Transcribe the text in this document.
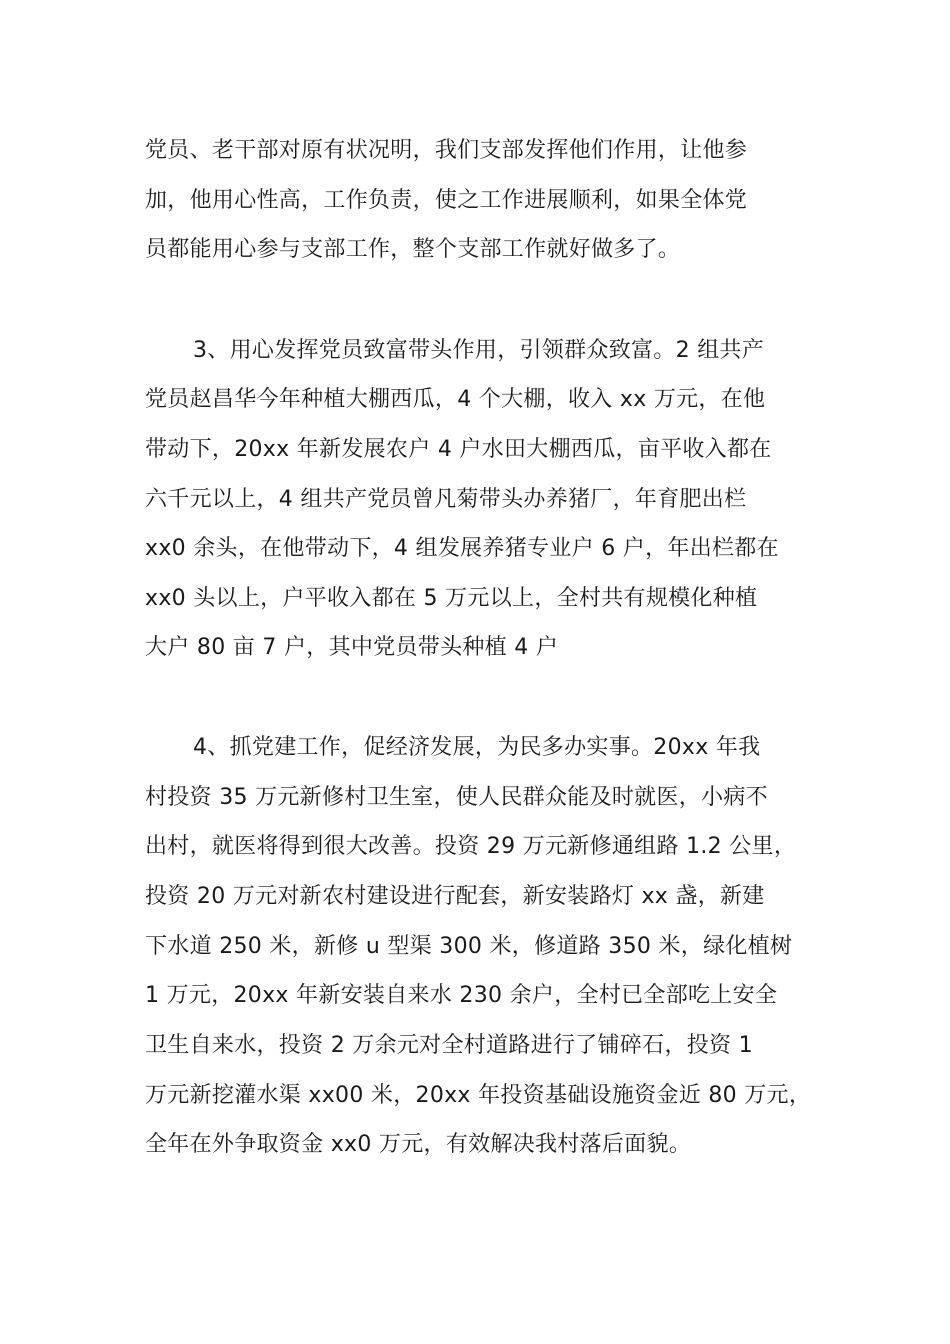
党员、老干部对原有状况明，我们支部发挥他们作用，让他参
加，他用心性高，工作负责，使之工作进展顺利，如果全体党
员都能用心参与支部工作，整个支部工作就好做多了。
3、用心发挥党员致富带头作用，引领群众致富。2 组共产
党员赵昌华今年种植大棚西瓜，4 个大棚，收入 xx 万元，在他
带动下，20xx 年新发展农户 4 户水田大棚西瓜，亩平收入都在
六千元以上，4 组共产党员曾凡菊带头办养猪厂，年育肥出栏
xx0 余头，在他带动下，4 组发展养猪专业户 6 户，年出栏都在
xx0 头以上，户平收入都在 5 万元以上，全村共有规模化种植
大户 80 亩 7 户，其中党员带头种植 4 户
4、抓党建工作，促经济发展，为民多办实事。20xx 年我
村投资 35 万元新修村卫生室，使人民群众能及时就医，小病不
出村，就医将得到很大改善。投资 29 万元新修通组路 1.2 公里，
投资 20 万元对新农村建设进行配套，新安装路灯 xx 盏，新建
下水道 250 米，新修 u 型渠 300 米，修道路 350 米，绿化植树
1 万元，20xx 年新安装自来水 230 余户，全村已全部吃上安全
卫生自来水，投资 2 万余元对全村道路进行了铺碎石，投资 1
万元新挖灌水渠 xx00 米，20xx 年投资基础设施资金近 80 万元，
全年在外争取资金 xx0 万元，有效解决我村落后面貌。
